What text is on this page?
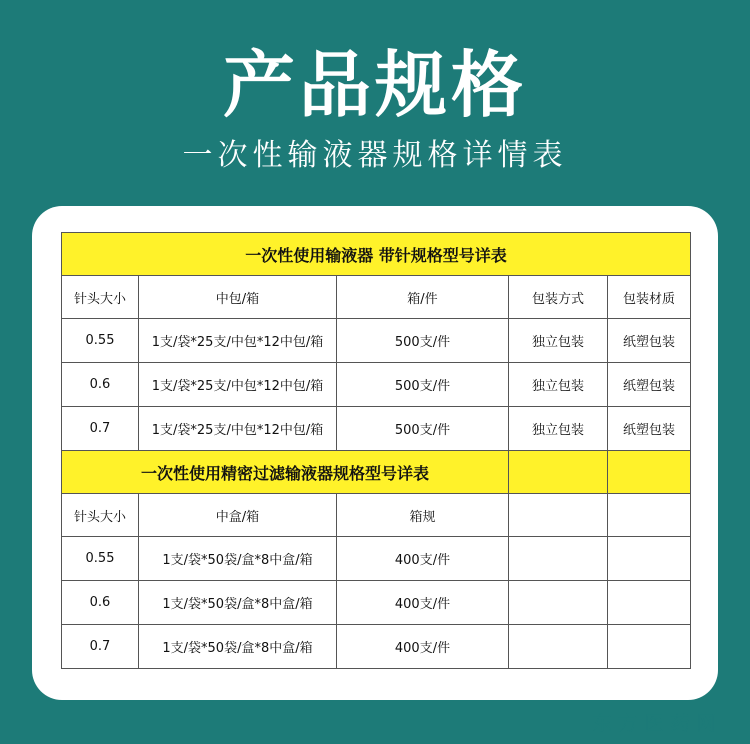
产品规格
一次性输液器规格详情表
一次性使用输液器 带针规格型号详表				
针头大小	中包/箱	箱/件	包装方式	包装材质
0.55	1支/袋*25支/中包*12中包/箱	500支/件	独立包装	纸塑包装
0.6	1支/袋*25支/中包*12中包/箱	500支/件	独立包装	纸塑包装
0.7	1支/袋*25支/中包*12中包/箱	500支/件	独立包装	纸塑包装
一次性使用精密过滤输液器规格型号详表				
针头大小	中盒/箱	箱规		
0.55	1支/袋*50袋/盒*8中盒/箱	400支/件		
0.6	1支/袋*50袋/盒*8中盒/箱	400支/件		
0.7	1支/袋*50袋/盒*8中盒/箱	400支/件		
东方医药网
